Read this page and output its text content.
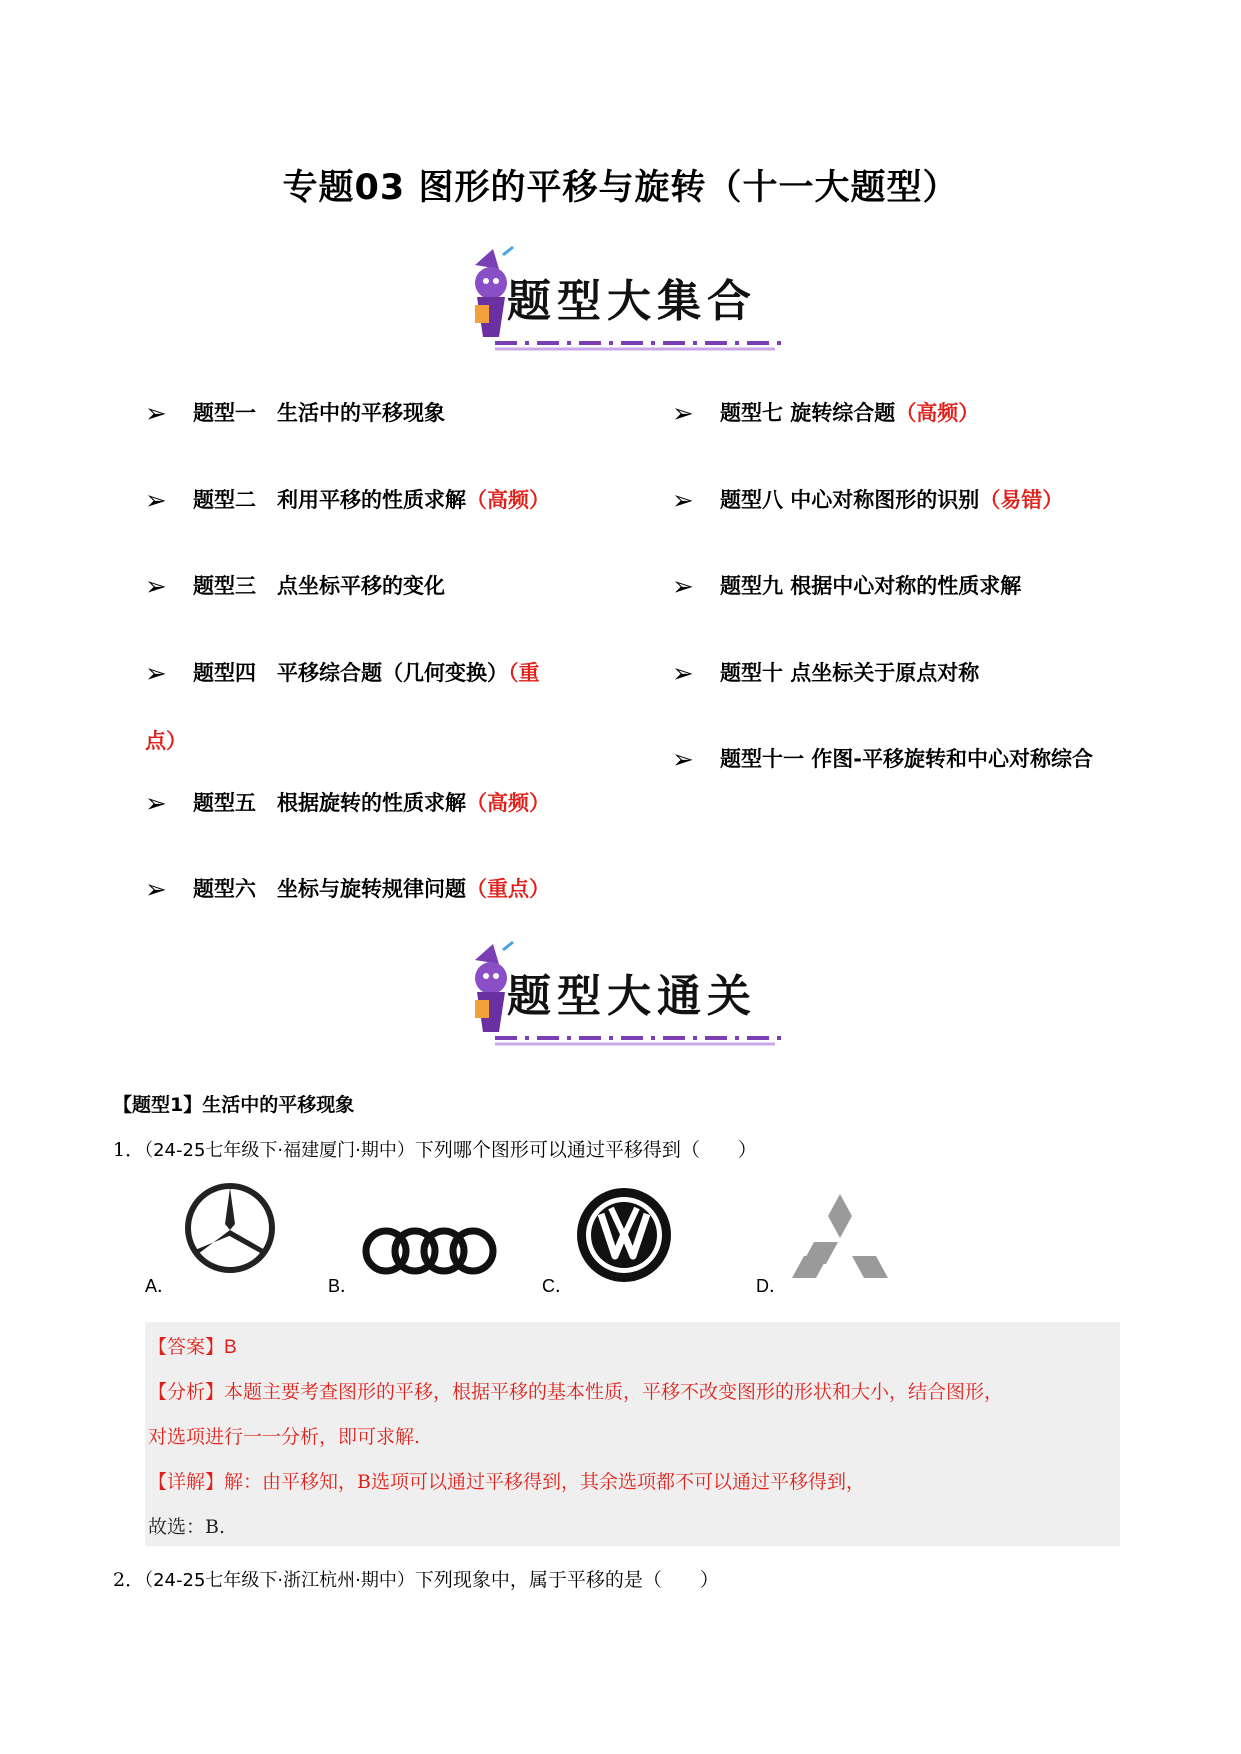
专题03 图形的平移与旋转（十一大题型）
题型大集合
➢ 题型一　生活中的平移现象
➢ 题型二　利用平移的性质求解（高频）
➢ 题型三　点坐标平移的变化
➢ 题型四　平移综合题（几何变换）（重
点）
➢ 题型五　根据旋转的性质求解（高频）
➢ 题型六　坐标与旋转规律问题（重点）
➢ 题型七 旋转综合题（高频）
➢ 题型八 中心对称图形的识别（易错）
➢ 题型九 根据中心对称的性质求解
➢ 题型十 点坐标关于原点对称
➢ 题型十一 作图-平移旋转和中心对称综合
题型大通关
【题型1】生活中的平移现象
1．（24-25七年级下·福建厦门·期中）下列哪个图形可以通过平移得到（　　）
A．	B．	C．	D．
【答案】B
【分析】本题主要考查图形的平移，根据平移的基本性质，平移不改变图形的形状和大小，结合图形，
对选项进行一一分析，即可求解.
【详解】解：由平移知，B选项可以通过平移得到，其余选项都不可以通过平移得到，
故选：B.
2．（24-25七年级下·浙江杭州·期中）下列现象中，属于平移的是（　　）
